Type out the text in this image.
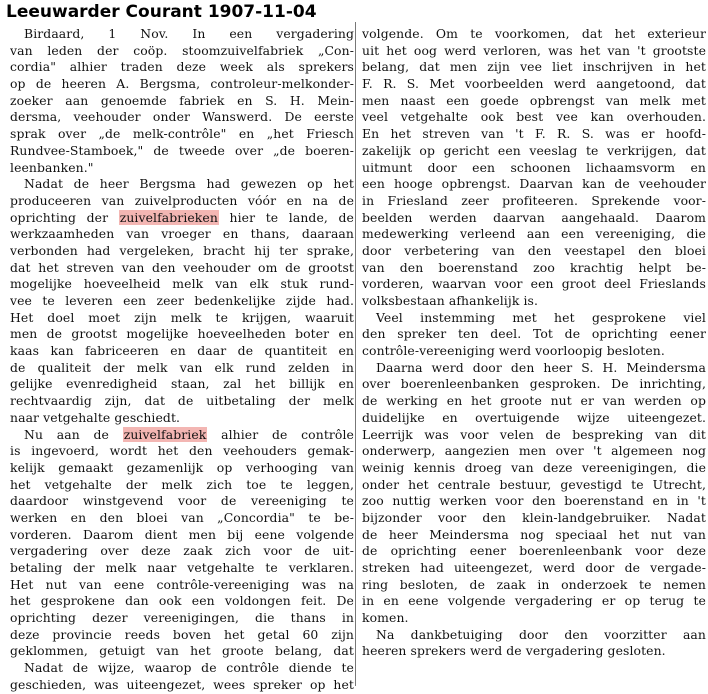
Leeuwarder Courant 1907-11-04
Birdaard, 1 Nov. In een vergadering
van leden der coöp. stoomzuivelfabriek „Con-
cordia" alhier traden deze week als sprekers
op de heeren A. Bergsma, controleur-melkonder-
zoeker aan genoemde fabriek en S. H. Mein-
dersma, veehouder onder Wanswerd. De eerste
sprak over „de melk-contrôle" en „het Friesch
Rundvee-Stamboek," de tweede over „de boeren-
leenbanken."
Nadat de heer Bergsma had gewezen op het
produceeren van zuivelproducten vóór en na de
oprichting der zuivelfabrieken hier te lande, de
werkzaamheden van vroeger en thans, daaraan
verbonden had vergeleken, bracht hij ter sprake,
dat het streven van den veehouder om de grootst
mogelijke hoeveelheid melk van elk stuk rund-
vee te leveren een zeer bedenkelijke zijde had.
Het doel moet zijn melk te krijgen, waaruit
men de grootst mogelijke hoeveelheden boter en
kaas kan fabriceeren en daar de quantiteit en
de qualiteit der melk van elk rund zelden in
gelijke evenredigheid staan, zal het billijk en
rechtvaardig zijn, dat de uitbetaling der melk
naar vetgehalte geschiedt.
Nu aan de zuivelfabriek alhier de contrôle
is ingevoerd, wordt het den veehouders gemak-
kelijk gemaakt gezamenlijk op verhooging van
het vetgehalte der melk zich toe te leggen,
daardoor winstgevend voor de vereeniging te
werken en den bloei van „Concordia" te be-
vorderen. Daarom dient men bij eene volgende
vergadering over deze zaak zich voor de uit-
betaling der melk naar vetgehalte te verklaren.
Het nut van eene contrôle-vereeniging was na
het gesprokene dan ook een voldongen feit. De
oprichting dezer vereenigingen, die thans in
deze provincie reeds boven het getal 60 zijn
geklommen, getuigt van het groote belang, dat
Nadat de wijze, waarop de contrôle diende te
geschieden, was uiteengezet, wees spreker op het
volgende. Om te voorkomen, dat het exterieur
uit het oog werd verloren, was het van 't grootste
belang, dat men zijn vee liet inschrijven in het
F. R. S. Met voorbeelden werd aangetoond, dat
men naast een goede opbrengst van melk met
veel vetgehalte ook best vee kan overhouden.
En het streven van 't F. R. S. was er hoofd-
zakelijk op gericht een veeslag te verkrijgen, dat
uitmunt door een schoonen lichaamsvorm en
een hooge opbrengst. Daarvan kan de veehouder
in Friesland zeer profiteeren. Sprekende voor-
beelden werden daarvan aangehaald. Daarom
medewerking verleend aan een vereeniging, die
door verbetering van den veestapel den bloei
van den boerenstand zoo krachtig helpt be-
vorderen, waarvan voor een groot deel Frieslands
volksbestaan afhankelijk is.
Veel instemming met het gesprokene viel
den spreker ten deel. Tot de oprichting eener
contrôle-vereeniging werd voorloopig besloten.
Daarna werd door den heer S. H. Meindersma
over boerenleenbanken gesproken. De inrichting,
de werking en het groote nut er van werden op
duidelijke en overtuigende wijze uiteengezet.
Leerrijk was voor velen de bespreking van dit
onderwerp, aangezien men over 't algemeen nog
weinig kennis droeg van deze vereenigingen, die
onder het centrale bestuur, gevestigd te Utrecht,
zoo nuttig werken voor den boerenstand en in 't
bijzonder voor den klein-landgebruiker. Nadat
de heer Meindersma nog speciaal het nut van
de oprichting eener boerenleenbank voor deze
streken had uiteengezet, werd door de vergade-
ring besloten, de zaak in onderzoek te nemen
in en eene volgende vergadering er op terug te
komen.
Na dankbetuiging door den voorzitter aan
heeren sprekers werd de vergadering gesloten.
